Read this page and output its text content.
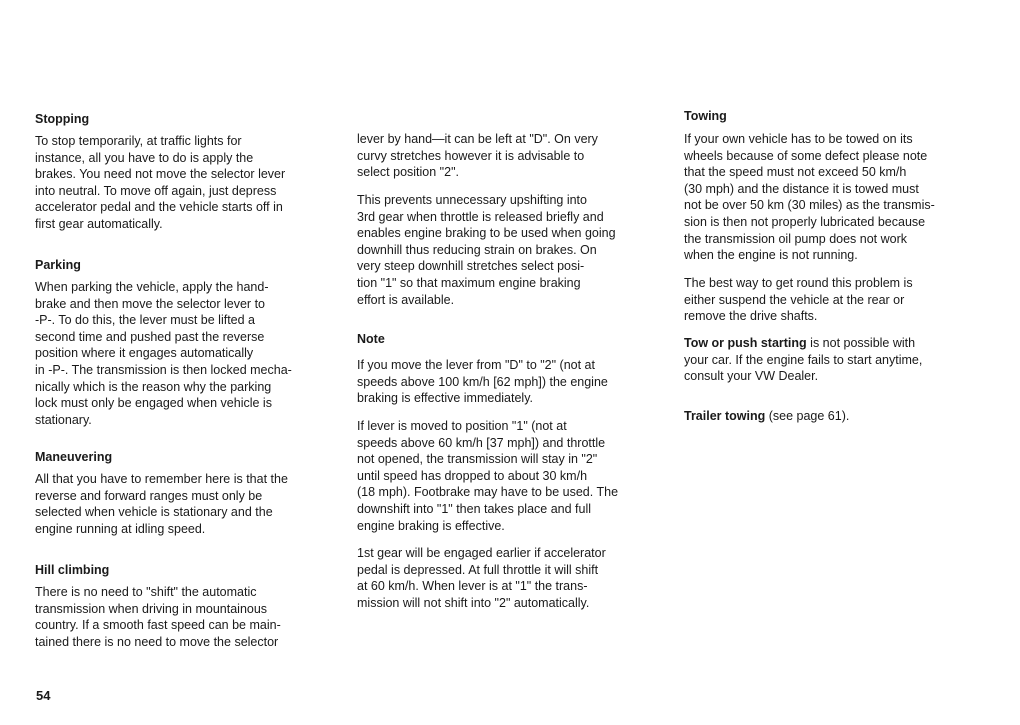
Stopping
To stop temporarily, at traffic lights for
instance, all you have to do is apply the
brakes. You need not move the selector lever
into neutral. To move off again, just depress
accelerator pedal and the vehicle starts off in
first gear automatically.
Parking
When parking the vehicle, apply the hand-
brake and then move the selector lever to
-P-. To do this, the lever must be lifted a
second time and pushed past the reverse
position where it engages automatically
in -P-. The transmission is then locked mecha-
nically which is the reason why the parking
lock must only be engaged when vehicle is
stationary.
Maneuvering
All that you have to remember here is that the
reverse and forward ranges must only be
selected when vehicle is stationary and the
engine running at idling speed.
Hill climbing
There is no need to "shift" the automatic
transmission when driving in mountainous
country. If a smooth fast speed can be main-
tained there is no need to move the selector
lever by hand—it can be left at "D". On very
curvy stretches however it is advisable to
select position "2".
This prevents unnecessary upshifting into
3rd gear when throttle is released briefly and
enables engine braking to be used when going
downhill thus reducing strain on brakes. On
very steep downhill stretches select posi-
tion "1" so that maximum engine braking
effort is available.
Note
If you move the lever from "D" to "2" (not at
speeds above 100 km/h [62 mph]) the engine
braking is effective immediately.
If lever is moved to position "1" (not at
speeds above 60 km/h [37 mph]) and throttle
not opened, the transmission will stay in "2"
until speed has dropped to about 30 km/h
(18 mph). Footbrake may have to be used. The
downshift into "1" then takes place and full
engine braking is effective.
1st gear will be engaged earlier if accelerator
pedal is depressed. At full throttle it will shift
at 60 km/h. When lever is at "1" the trans-
mission will not shift into "2" automatically.
Towing
If your own vehicle has to be towed on its
wheels because of some defect please note
that the speed must not exceed 50 km/h
(30 mph) and the distance it is towed must
not be over 50 km (30 miles) as the transmis-
sion is then not properly lubricated because
the transmission oil pump does not work
when the engine is not running.
The best way to get round this problem is
either suspend the vehicle at the rear or
remove the drive shafts.
Tow or push starting is not possible with
your car. If the engine fails to start anytime,
consult your VW Dealer.
Trailer towing (see page 61).
54
